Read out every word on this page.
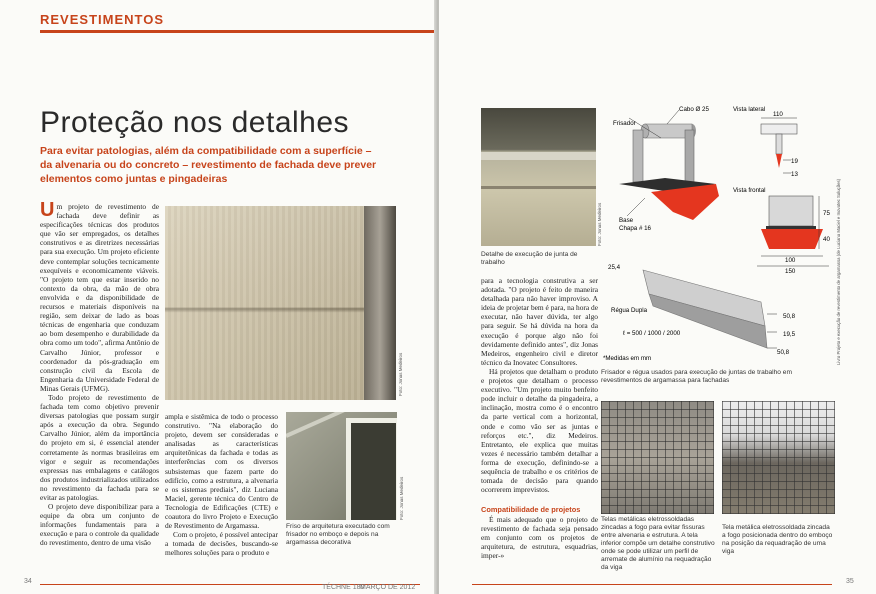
REVESTIMENTOS
Proteção nos detalhes
Para evitar patologias, além da compatibilidade com a superfície – da alvenaria ou do concreto – revestimento de fachada deve prever elementos como juntas e pingadeiras

Um projeto de revestimento de fachada deve definir as especificações técnicas dos produtos que vão ser empregados, os detalhes construtivos e as diretrizes necessárias para sua execução. Um projeto eficiente deve contemplar soluções tecnicamente exequíveis e economicamente viáveis. "O projeto tem que estar inserido no contexto da obra, da mão de obra envolvida e da disponibilidade de recursos e materiais disponíveis na região, sem deixar de lado as boas técnicas de engenharia que conduzam ao bom desempenho e durabilidade da obra como um todo", afirma Antônio de Carvalho Júnior, professor e coordenador da pós-graduação em construção civil da Escola de Engenharia da Universidade Federal de Minas Gerais (UFMG).

Todo projeto de revestimento de fachada tem como objetivo prevenir diversas patologias que possam surgir após a execução da obra. Segundo Carvalho Júnior, além da importância do projeto em si, é essencial atender corretamente às normas brasileiras em vigor e seguir as recomendações expressas nas embalagens e catálogos dos produtos industrializados utilizados no revestimento da fachada para se evitar as patologias.

O projeto deve disponibilizar para a equipe da obra um conjunto de informações fundamentais para a execução e para o controle da qualidade do revestimento, dentro de uma visão

Foto: Jonas Medeiros

ampla e sistêmica de todo o processo construtivo. "Na elaboração do projeto, devem ser consideradas e analisadas as características arquitetônicas da fachada e todas as interferências com os diversos subsistemas que fazem parte do edifício, como a estrutura, a alvenaria e os sistemas prediais", diz Luciana Maciel, gerente técnica do Centro de Tecnologia de Edificações (CTE) e coautora do livro Projeto e Execução de Revestimento de Argamassa.

Com o projeto, é possível antecipar a tomada de decisões, buscando-se melhores soluções para o produto e

Foto: Jonas Medeiros
Friso de arquitetura executado com frisador no emboço e depois na argamassa decorativa
34
TÉCHNE 180
MARÇO DE 2012
Foto: Jonas Medeiros
Detalhe de execução de junta de trabalho

para a tecnologia construtiva a ser adotada. "O projeto é feito de maneira detalhada para não haver improviso. A ideia de projetar bem é para, na hora de executar, não haver dúvida, ter algo para seguir. Se há dúvida na hora da execução é porque algo não foi devidamente definido antes", diz Jonas Medeiros, engenheiro civil e diretor técnico da Inovatec Consultores.

Há projetos que detalham o produto e projetos que detalham o processo executivo. "Um projeto muito benfeito pode incluir o detalhe da pingadeira, a inclinação, mostra como é o encontro da parte vertical com a horizontal, onde e como vão ser as juntas e reforços etc.", diz Medeiros. Entretanto, ele explica que muitas vezes é necessário também detalhar a forma de execução, definindo-se a sequência de trabalho e os critérios de tomada de decisão para quando ocorrerem imprevistos.

Compatibilidade de projetos

É mais adequado que o projeto de revestimento de fachada seja pensado em conjunto com os projetos de arquitetura, de estrutura, esquadrias, imper-»

Frisador
Cabo Ø 25
Base
Chapa # 16
Vista lateral
110
19
13
Vista frontal
75
40
100
150
25,4
Régua Dupla
ℓ = 500 / 1000 / 2000
50,8
19,5
50,8
*Medidas em mm	Livro Projeto e execução de revestimento de argamassa (de Luciana Maciel e Inovatec Soluções)
Frisador e régua usados para execução de juntas de trabalho em revestimentos de argamassa para fachadas
Telas metálicas eletrossoldadas zincadas a fogo para evitar fissuras entre alvenaria e estrutura. A tela inferior compõe um detalhe construtivo onde se pode utilizar um perfil de arremate de alumínio na requadração da viga
Tela metálica eletrossoldada zincada a fogo posicionada dentro do emboço na posição da requadração de uma viga
35
